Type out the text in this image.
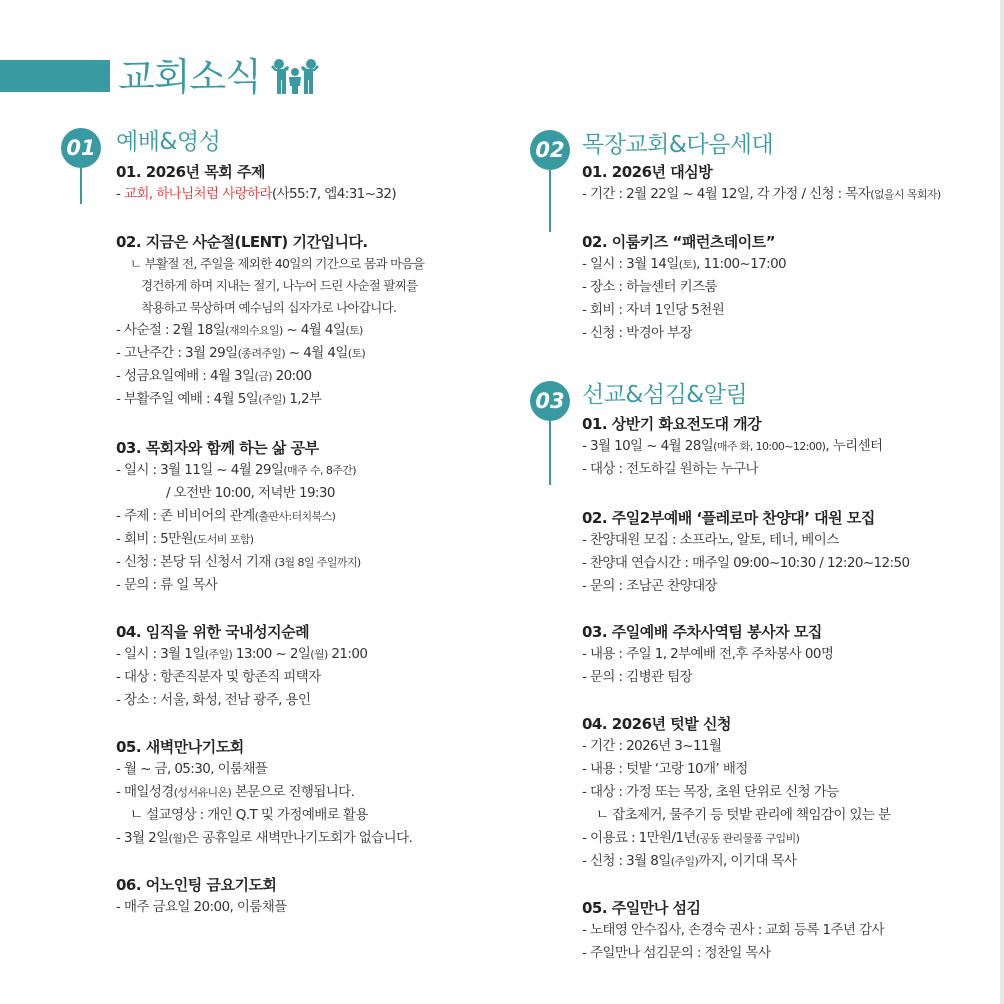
교회소식
01 예배&영성
01. 2026년 목회 주제
- 교회, 하나님처럼 사랑하라(사55:7, 엡4:31~32)
02. 지금은 사순절(LENT) 기간입니다.
ㄴ 부활절 전, 주일을 제외한 40일의 기간으로 몸과 마음을
경건하게 하며 지내는 절기, 나누어 드린 사순절 팔찌를
착용하고 묵상하며 예수님의 십자가로 나아갑니다.
- 사순절 : 2월 18일(재의수요일) ~ 4월 4일(토)
- 고난주간 : 3월 29일(종려주일) ~ 4월 4일(토)
- 성금요일예배 : 4월 3일(금) 20:00
- 부활주일 예배 : 4월 5일(주일) 1,2부
03. 목회자와 함께 하는 삶 공부
- 일시 : 3월 11일 ~ 4월 29일(매주 수, 8주간)
/ 오전반 10:00, 저녁반 19:30
- 주제 : 존 비비어의 관계(출판사:터치북스)
- 회비 : 5만원(도서비 포함)
- 신청 : 본당 뒤 신청서 기재 (3월 8일 주일까지)
- 문의 : 류 일 목사
04. 임직을 위한 국내성지순례
- 일시 : 3월 1일(주일) 13:00 ~ 2일(월) 21:00
- 대상 : 항존직분자 및 항존직 피택자
- 장소 : 서울, 화성, 전남 광주, 용인
05. 새벽만나기도회
- 월 ~ 금, 05:30, 이룸채플
- 매일성경(성서유니온) 본문으로 진행됩니다.
ㄴ 설교영상 : 개인 Q.T 및 가정예배로 활용
- 3월 2일(월)은 공휴일로 새벽만나기도회가 없습니다.
06. 어노인팅 금요기도회
- 매주 금요일 20:00, 이룸채플
02 목장교회&다음세대
01. 2026년 대심방
- 기간 : 2월 22일 ~ 4월 12일, 각 가정 / 신청 : 목자(없을시 목회자)
02. 이룸키즈 “패런츠데이트”
- 일시 : 3월 14일(토), 11:00~17:00
- 장소 : 하늘센터 키즈룸
- 회비 : 자녀 1인당 5천원
- 신청 : 박경아 부장
03 선교&섬김&알림
01. 상반기 화요전도대 개강
- 3월 10일 ~ 4월 28일(매주 화, 10:00~12:00), 누리센터
- 대상 : 전도하길 원하는 누구나
02. 주일2부예배 ‘플레로마 찬양대’ 대원 모집
- 찬양대원 모집 : 소프라노, 알토, 테너, 베이스
- 찬양대 연습시간 : 매주일 09:00~10:30 / 12:20~12:50
- 문의 : 조남곤 찬양대장
03. 주일예배 주차사역팀 봉사자 모집
- 내용 : 주일 1, 2부예배 전,후 주차봉사 00명
- 문의 : 김병관 팀장
04. 2026년 텃밭 신청
- 기간 : 2026년 3~11월
- 내용 : 텃밭 ‘고랑 10개’ 배정
- 대상 : 가정 또는 목장, 초원 단위로 신청 가능
ㄴ 잡초제거, 물주기 등 텃밭 관리에 책임감이 있는 분
- 이용료 : 1만원/1년(공동 관리물품 구입비)
- 신청 : 3월 8일(주일)까지, 이기대 목사
05. 주일만나 섬김
- 노태영 안수집사, 손경숙 권사 : 교회 등록 1주년 감사
- 주일만나 섬김문의 : 정찬일 목사
